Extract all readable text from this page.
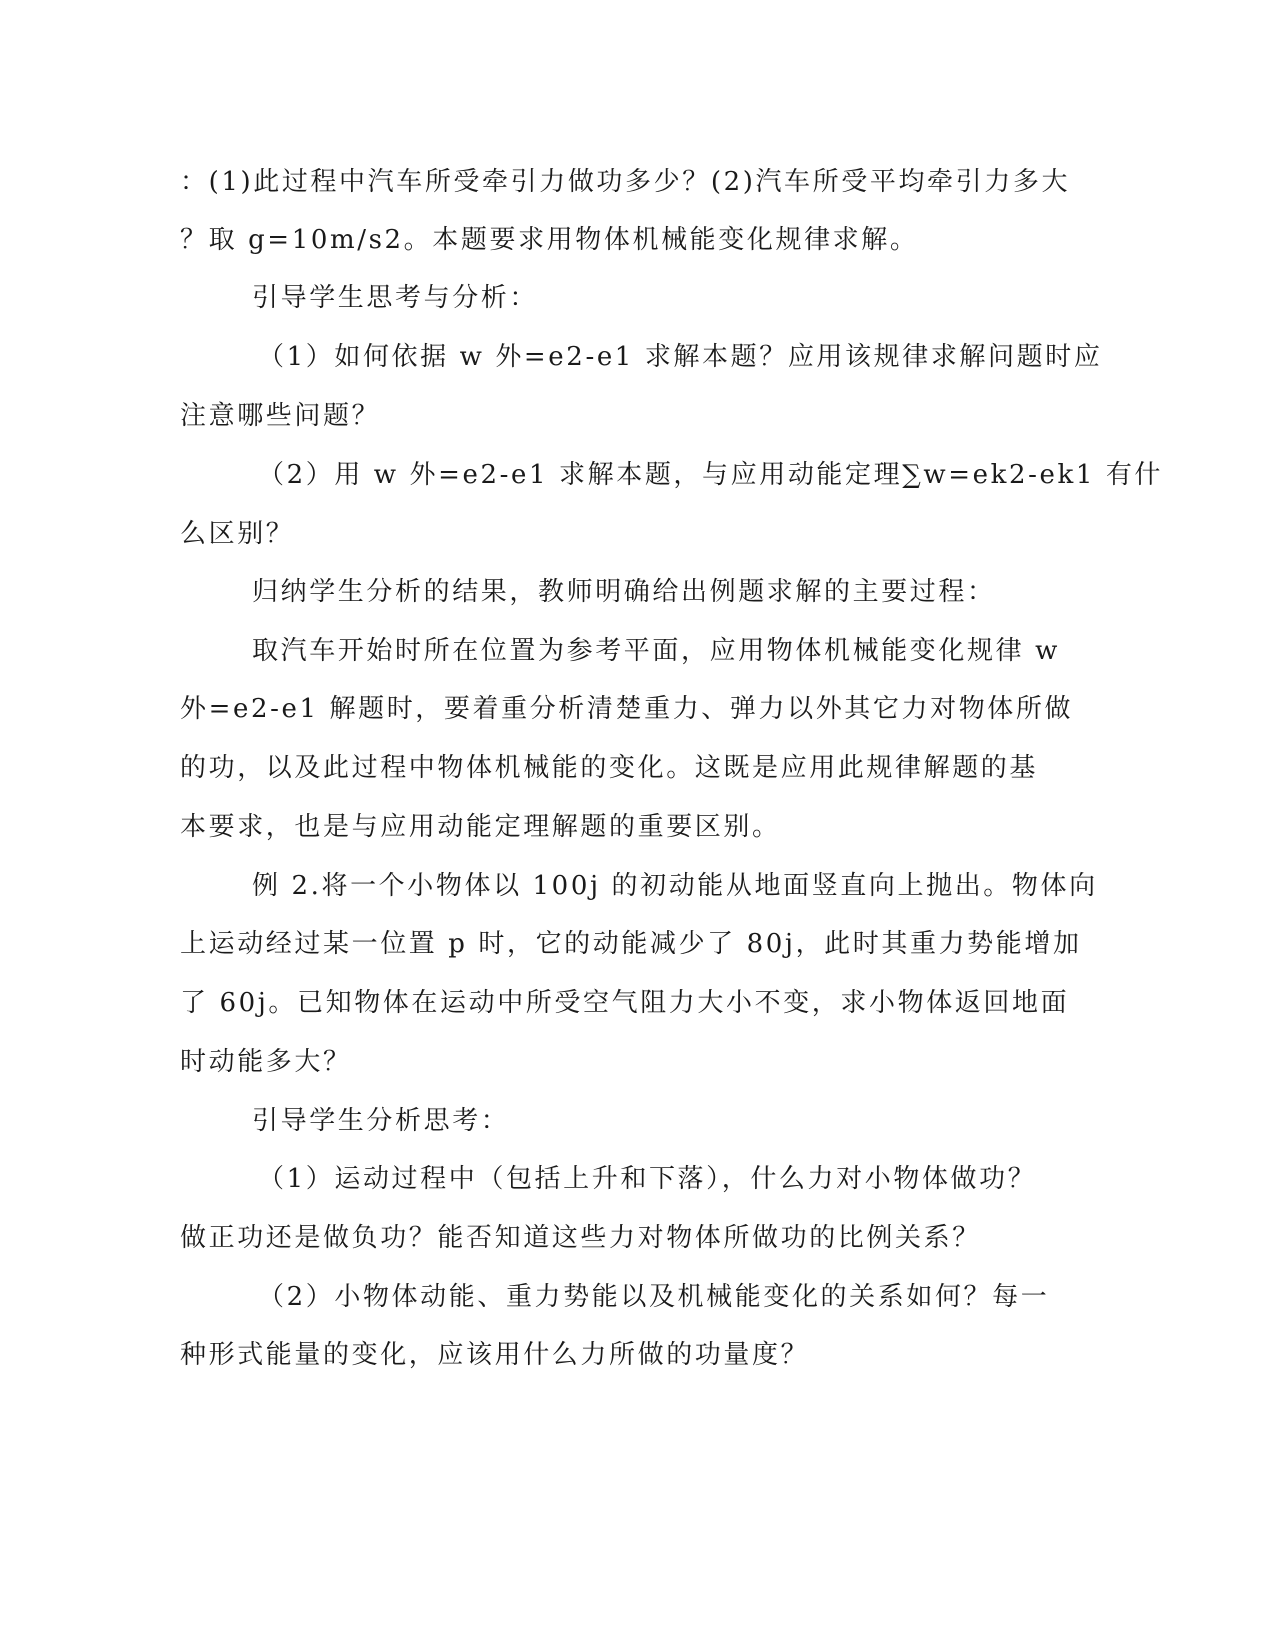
：(1)此过程中汽车所受牵引力做功多少？(2)汽车所受平均牵引力多大
？取 g=10m/s2。本题要求用物体机械能变化规律求解。
引导学生思考与分析：
（1）如何依据 w 外=e2-e1 求解本题？应用该规律求解问题时应
注意哪些问题？
（2）用 w 外=e2-e1 求解本题，与应用动能定理∑w=ek2-ek1 有什
么区别？
归纳学生分析的结果，教师明确给出例题求解的主要过程：
取汽车开始时所在位置为参考平面，应用物体机械能变化规律 w
外=e2-e1 解题时，要着重分析清楚重力、弹力以外其它力对物体所做
的功，以及此过程中物体机械能的变化。这既是应用此规律解题的基
本要求，也是与应用动能定理解题的重要区别。
例 2.将一个小物体以 100j 的初动能从地面竖直向上抛出。物体向
上运动经过某一位置 p 时，它的动能减少了 80j，此时其重力势能增加
了 60j。已知物体在运动中所受空气阻力大小不变，求小物体返回地面
时动能多大？
引导学生分析思考：
（1）运动过程中（包括上升和下落），什么力对小物体做功？
做正功还是做负功？能否知道这些力对物体所做功的比例关系？
（2）小物体动能、重力势能以及机械能变化的关系如何？每一
种形式能量的变化，应该用什么力所做的功量度？
